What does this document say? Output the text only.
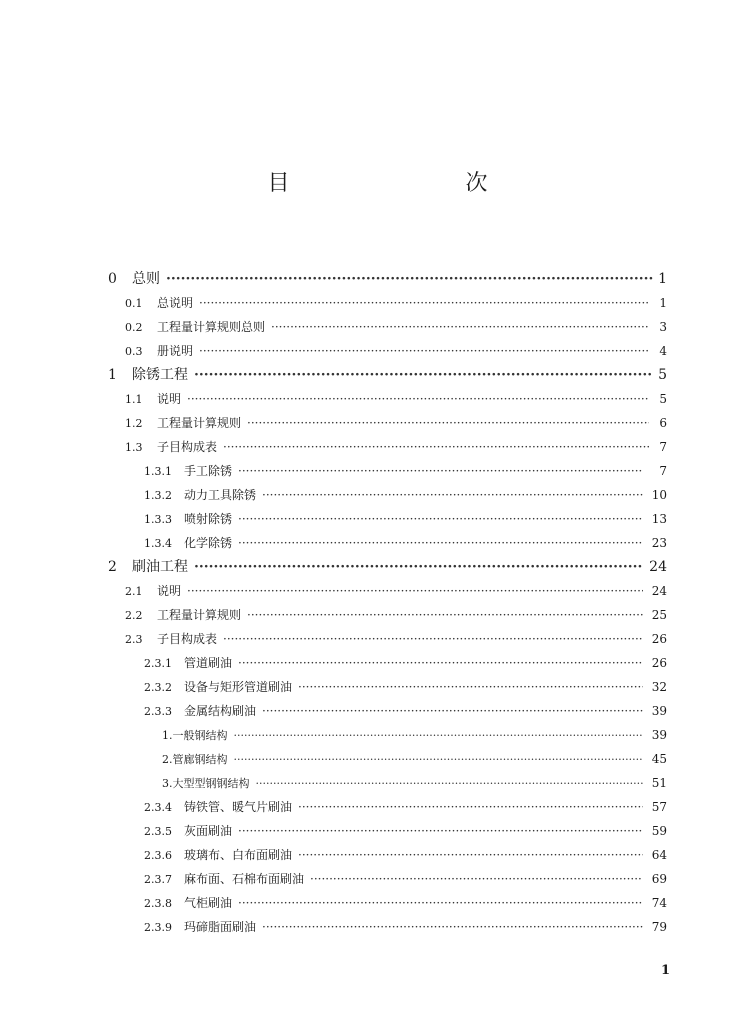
目　　次
0	总则 ·····	1
0.1	总说明 ·····	1
0.2	工程量计算规则总则 ·····	3
0.3	册说明 ·····	4
1	除锈工程 ·····	5
1.1	说明 ·····	5
1.2	工程量计算规则 ·····	6
1.3	子目构成表 ·····	7
1.3.1	手工除锈 ·····	7
1.3.2	动力工具除锈 ·····	10
1.3.3	喷射除锈 ·····	13
1.3.4	化学除锈 ·····	23
2	刷油工程 ·····	24
2.1	说明 ·····	24
2.2	工程量计算规则 ·····	25
2.3	子目构成表 ·····	26
2.3.1	管道刷油 ·····	26
2.3.2	设备与矩形管道刷油 ·····	32
2.3.3	金属结构刷油 ·····	39
1.一般钢结构 ·····	39
2.管廊钢结构 ·····	45
3.大型型钢钢结构 ·····	51
2.3.4	铸铁管、暖气片刷油 ·····	57
2.3.5	灰面刷油 ·····	59
2.3.6	玻璃布、白布面刷油 ·····	64
2.3.7	麻布面、石棉布面刷油 ·····	69
2.3.8	气柜刷油 ·····	74
2.3.9	玛碲脂面刷油 ·····	79
1
